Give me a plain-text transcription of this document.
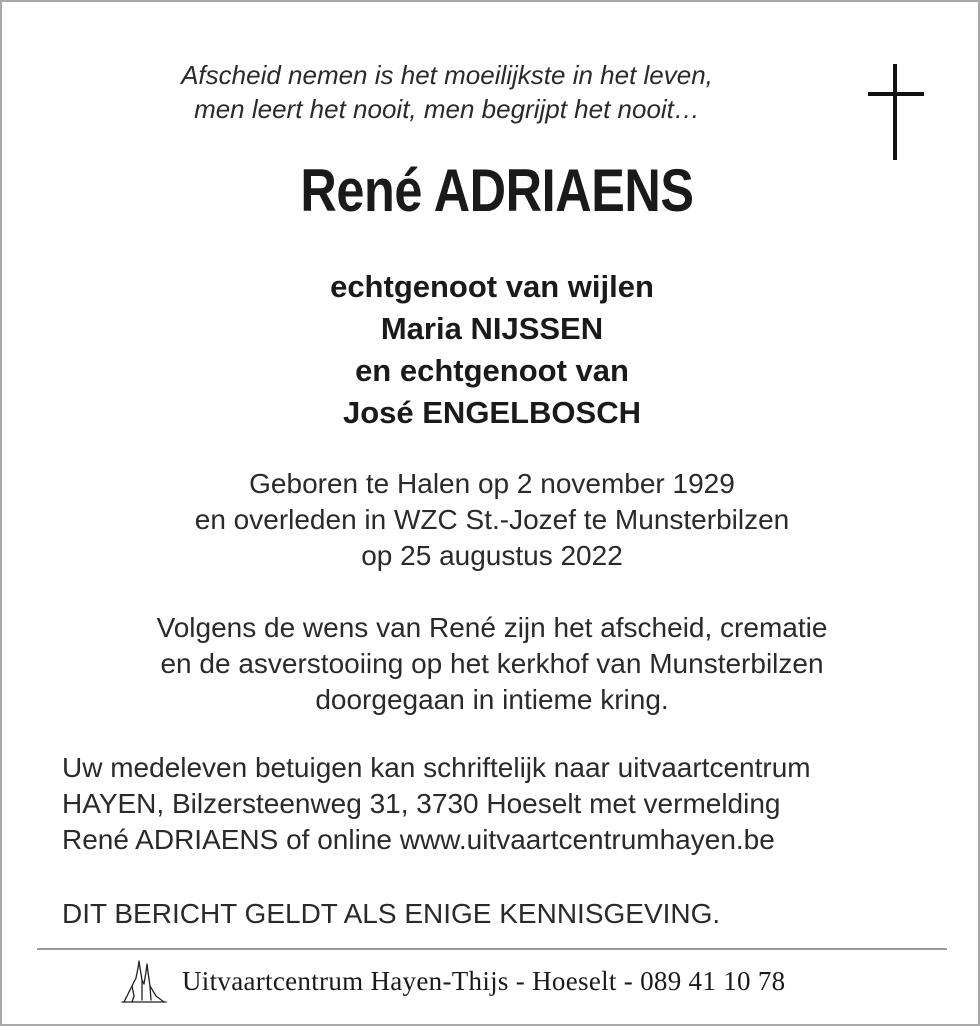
Afscheid nemen is het moeilijkste in het leven,
men leert het nooit, men begrijpt het nooit…
René ADRIAENS
echtgenoot van wijlen
Maria NIJSSEN
en echtgenoot van
José ENGELBOSCH
Geboren te Halen op 2 november 1929
en overleden in WZC St.-Jozef te Munsterbilzen
op 25 augustus 2022
Volgens de wens van René zijn het afscheid, crematie
en de asverstooiing op het kerkhof van Munsterbilzen
doorgegaan in intieme kring.
Uw medeleven betuigen kan schriftelijk naar uitvaartcentrum
HAYEN, Bilzersteenweg 31, 3730 Hoeselt met vermelding
René ADRIAENS of online www.uitvaartcentrumhayen.be
DIT BERICHT GELDT ALS ENIGE KENNISGEVING.
Uitvaartcentrum Hayen-Thijs - Hoeselt - 089 41 10 78
